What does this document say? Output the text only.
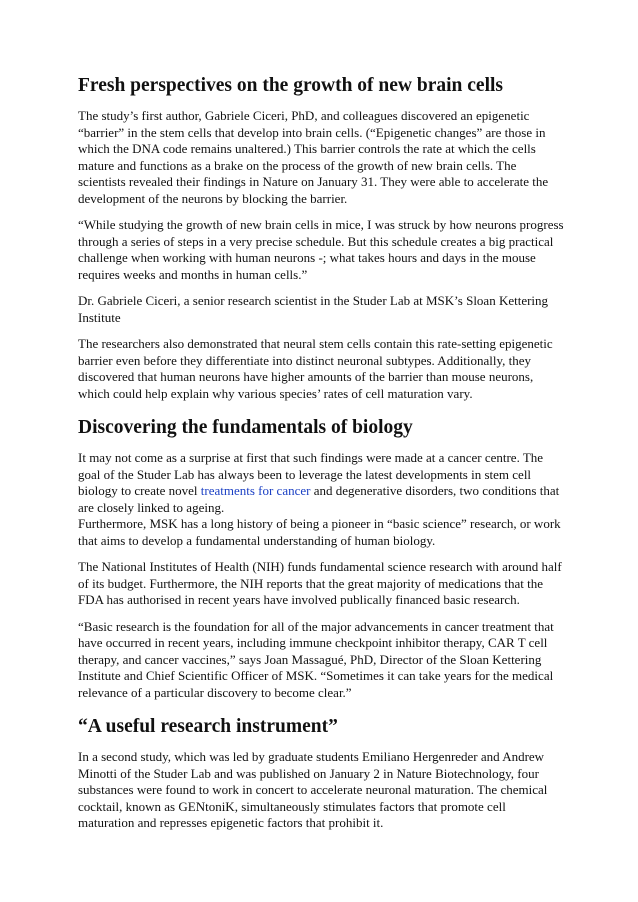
Fresh perspectives on the growth of new brain cells

The study’s first author, Gabriele Ciceri, PhD, and colleagues discovered an epigenetic “barrier” in the stem cells that develop into brain cells. (“Epigenetic changes” are those in which the DNA code remains unaltered.) This barrier controls the rate at which the cells mature and functions as a brake on the process of the growth of new brain cells. The scientists revealed their findings in Nature on January 31. They were able to accelerate the development of the neurons by blocking the barrier.

“While studying the growth of new brain cells in mice, I was struck by how neurons progress through a series of steps in a very precise schedule. But this schedule creates a big practical challenge when working with human neurons -; what takes hours and days in the mouse requires weeks and months in human cells.”

Dr. Gabriele Ciceri, a senior research scientist in the Studer Lab at MSK’s Sloan Kettering Institute

The researchers also demonstrated that neural stem cells contain this rate-setting epigenetic barrier even before they differentiate into distinct neuronal subtypes. Additionally, they discovered that human neurons have higher amounts of the barrier than mouse neurons, which could help explain why various species’ rates of cell maturation vary.

Discovering the fundamentals of biology

It may not come as a surprise at first that such findings were made at a cancer centre. The goal of the Studer Lab has always been to leverage the latest developments in stem cell biology to create novel treatments for cancer and degenerative disorders, two conditions that are closely linked to ageing.

Furthermore, MSK has a long history of being a pioneer in “basic science” research, or work that aims to develop a fundamental understanding of human biology.

The National Institutes of Health (NIH) funds fundamental science research with around half of its budget. Furthermore, the NIH reports that the great majority of medications that the FDA has authorised in recent years have involved publically financed basic research.

“Basic research is the foundation for all of the major advancements in cancer treatment that have occurred in recent years, including immune checkpoint inhibitor therapy, CAR T cell therapy, and cancer vaccines,” says Joan Massagué, PhD, Director of the Sloan Kettering Institute and Chief Scientific Officer of MSK. “Sometimes it can take years for the medical relevance of a particular discovery to become clear.”

“A useful research instrument”

In a second study, which was led by graduate students Emiliano Hergenreder and Andrew Minotti of the Studer Lab and was published on January 2 in Nature Biotechnology, four substances were found to work in concert to accelerate neuronal maturation. The chemical cocktail, known as GENtoniK, simultaneously stimulates factors that promote cell maturation and represses epigenetic factors that prohibit it.
